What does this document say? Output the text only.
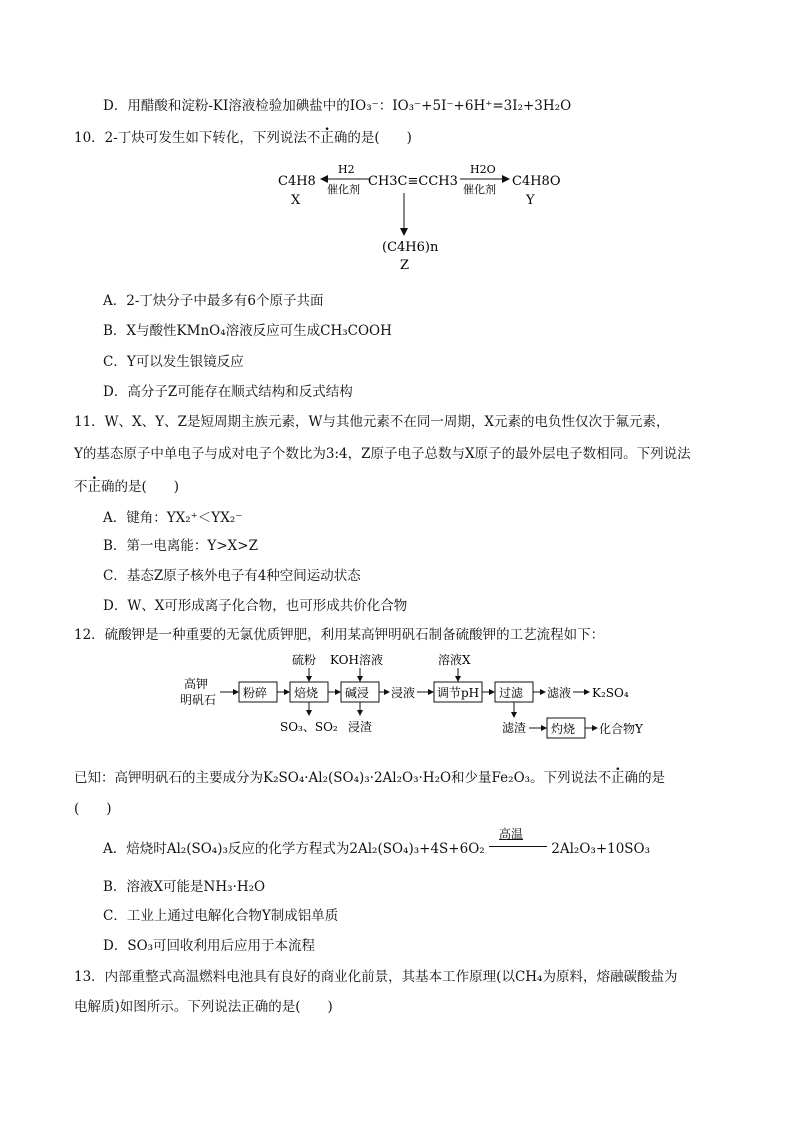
D．用醋酸和淀粉-KI溶液检验加碘盐中的IO₃⁻：IO₃⁻+5I⁻+6H⁺=3I₂+3H₂O
10．2-丁炔可发生如下转化，下列说法不正确的是(　　)
C4H8
X
H2
催化剂
CH3C≡CCH3
H2O
催化剂
C4H8O
Y
(C4H6)n
Z
A．2-丁炔分子中最多有6个原子共面
B．X与酸性KMnO₄溶液反应可生成CH₃COOH
C．Y可以发生银镜反应
D．高分子Z可能存在顺式结构和反式结构
11．W、X、Y、Z是短周期主族元素，W与其他元素不在同一周期，X元素的电负性仅次于氟元素，
Y的基态原子中单电子与成对电子个数比为3:4，Z原子电子总数与X原子的最外层电子数相同。下列说法
不正确的是(　　)
A．键角：YX₂⁺＜YX₂⁻
B．第一电离能：Y>X>Z
C．基态Z原子核外电子有4种空间运动状态
D．W、X可形成离子化合物，也可形成共价化合物
12．硫酸钾是一种重要的无氯优质钾肥，利用某高钾明矾石制备硫酸钾的工艺流程如下：
高钾
明矾石 粉碎 焙烧
硫粉
SO₃、SO₂
碱浸
KOH溶液
浸渣
浸液 调节pH
溶液X
过滤 滤液 K₂SO₄
滤渣 灼烧 化合物Y
已知：高钾明矾石的主要成分为K₂SO₄·Al₂(SO₄)₃·2Al₂O₃·H₂O和少量Fe₂O₃。下列说法不正确的是
(　　)
A．焙烧时Al₂(SO₄)₃反应的化学方程式为2Al₂(SO₄)₃+4S+6O₂
高温
2Al₂O₃+10SO₃
B．溶液X可能是NH₃·H₂O
C．工业上通过电解化合物Y制成铝单质
D．SO₃可回收利用后应用于本流程
13．内部重整式高温燃料电池具有良好的商业化前景，其基本工作原理(以CH₄为原料，熔融碳酸盐为
电解质)如图所示。下列说法正确的是(　　)
